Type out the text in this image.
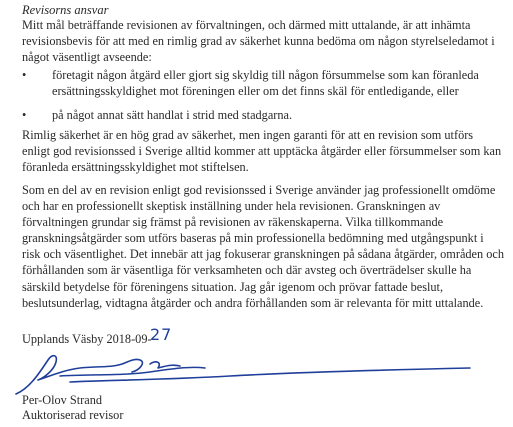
Revisorns ansvar

Mitt mål beträffande revisionen av förvaltningen, och därmed mitt uttalande, är att inhämta revisionsbevis för att med en rimlig grad av säkerhet kunna bedöma om någon styrelseledamot i något väsentligt avseende:

• företagit någon åtgärd eller gjort sig skyldig till någon försummelse som kan föranleda ersättningsskyldighet mot föreningen eller om det finns skäl för entledigande, eller
• på något annat sätt handlat i strid med stadgarna.

Rimlig säkerhet är en hög grad av säkerhet, men ingen garanti för att en revision som utförs enligt god revisionssed i Sverige alltid kommer att upptäcka åtgärder eller försummelser som kan föranleda ersättningsskyldighet mot stiftelsen.

Som en del av en revision enligt god revisionssed i Sverige använder jag professionellt omdöme och har en professionellt skeptisk inställning under hela revisionen. Granskningen av förvaltningen grundar sig främst på revisionen av räkenskaperna. Vilka tillkommande granskningsåtgärder som utförs baseras på min professionella bedömning med utgångspunkt i risk och väsentlighet. Det innebär att jag fokuserar granskningen på sådana åtgärder, områden och förhållanden som är väsentliga för verksamheten och där avsteg och överträdelser skulle ha särskild betydelse för föreningens situation. Jag går igenom och prövar fattade beslut, beslutsunderlag, vidtagna åtgärder och andra förhållanden som är relevanta för mitt uttalande.

Upplands Väsby 2018-09-
27
Per-Olov Strand
Auktoriserad revisor
